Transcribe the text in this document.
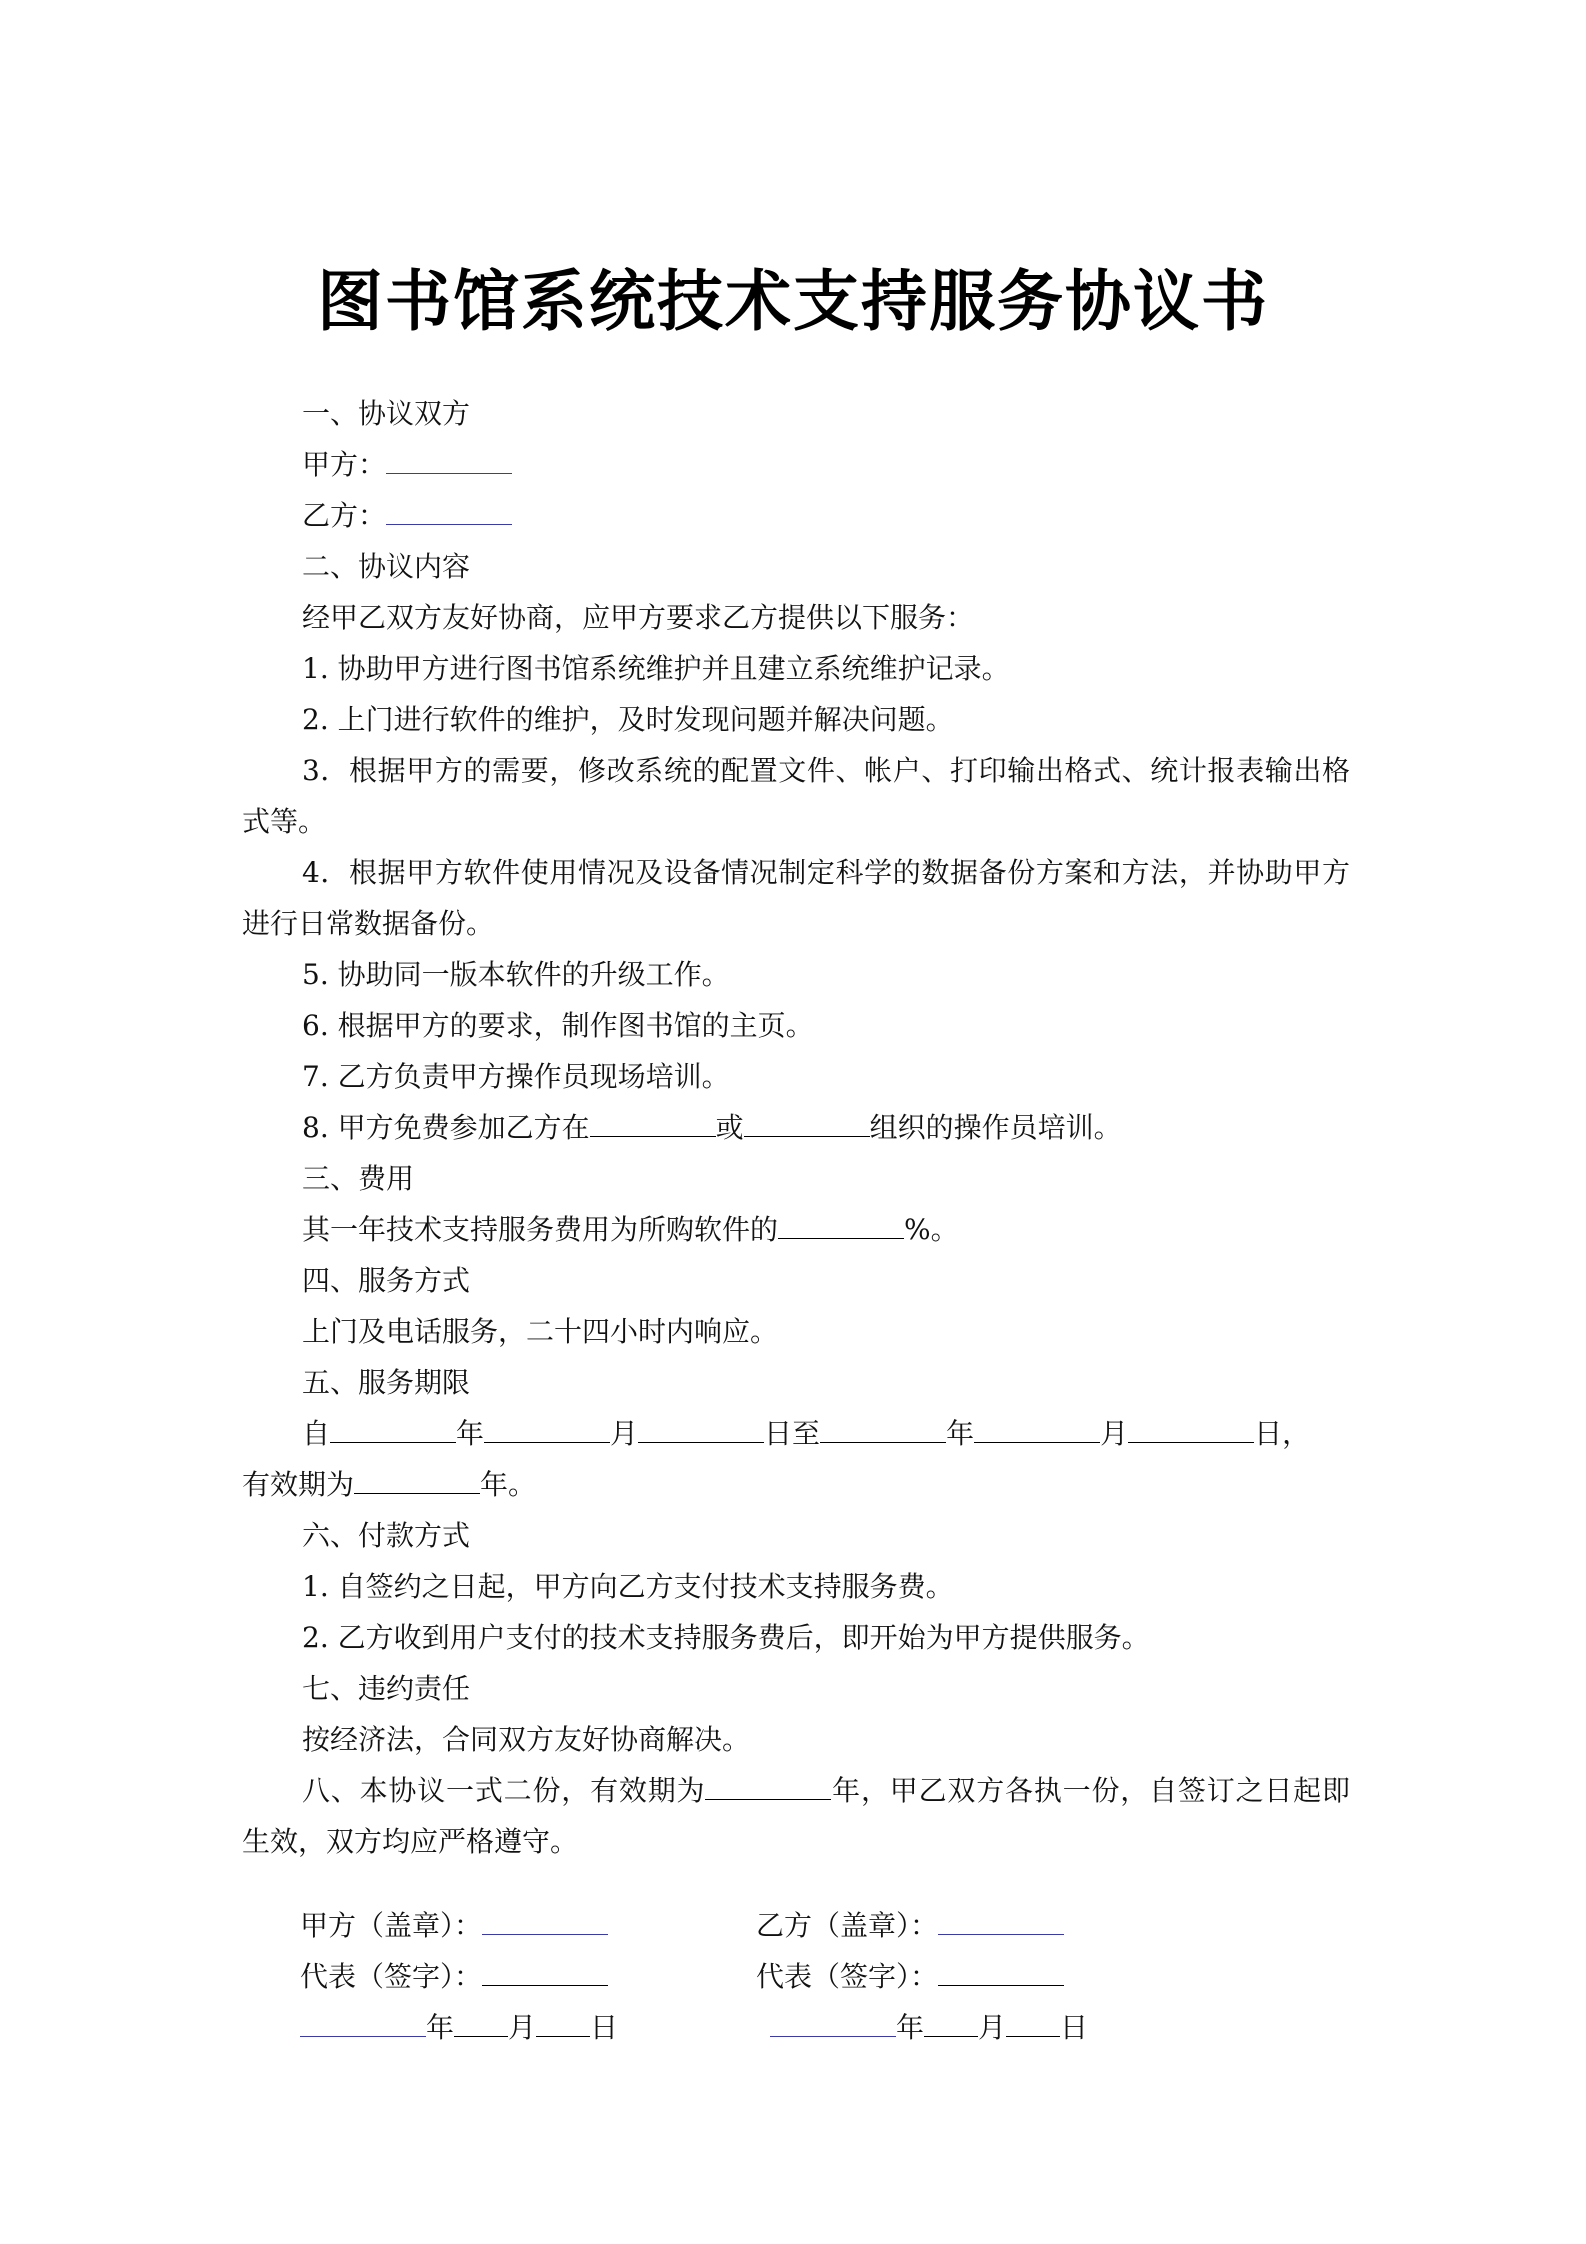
图书馆系统技术支持服务协议书

一、协议双方

甲方：

乙方：

二、协议内容

经甲乙双方友好协商，应甲方要求乙方提供以下服务：

1. 协助甲方进行图书馆系统维护并且建立系统维护记录。

2. 上门进行软件的维护，及时发现问题并解决问题。

3．根据甲方的需要，修改系统的配置文件、帐户、打印输出格式、统计报表输出格式等。

4．根据甲方软件使用情况及设备情况制定科学的数据备份方案和方法，并协助甲方进行日常数据备份。

5. 协助同一版本软件的升级工作。

6. 根据甲方的要求，制作图书馆的主页。

7. 乙方负责甲方操作员现场培训。

8. 甲方免费参加乙方在	或	组织的操作员培训。

三、费用

其一年技术支持服务费用为所购软件的	%。

四、服务方式

上门及电话服务，二十四小时内响应。

五、服务期限

自	年	月	日至	年	月	日，

有效期为	年。

六、付款方式

1. 自签约之日起，甲方向乙方支付技术支持服务费。

2. 乙方收到用户支付的技术支持服务费后，即开始为甲方提供服务。

七、违约责任

按经济法，合同双方友好协商解决。

八、本协议一式二份，有效期为	年，甲乙双方各执一份，自签订之日起即生效，双方均应严格遵守。

甲方（盖章）：	乙方（盖章）：
代表（签字）：	代表（签字）：
年 月 日	年 月 日
